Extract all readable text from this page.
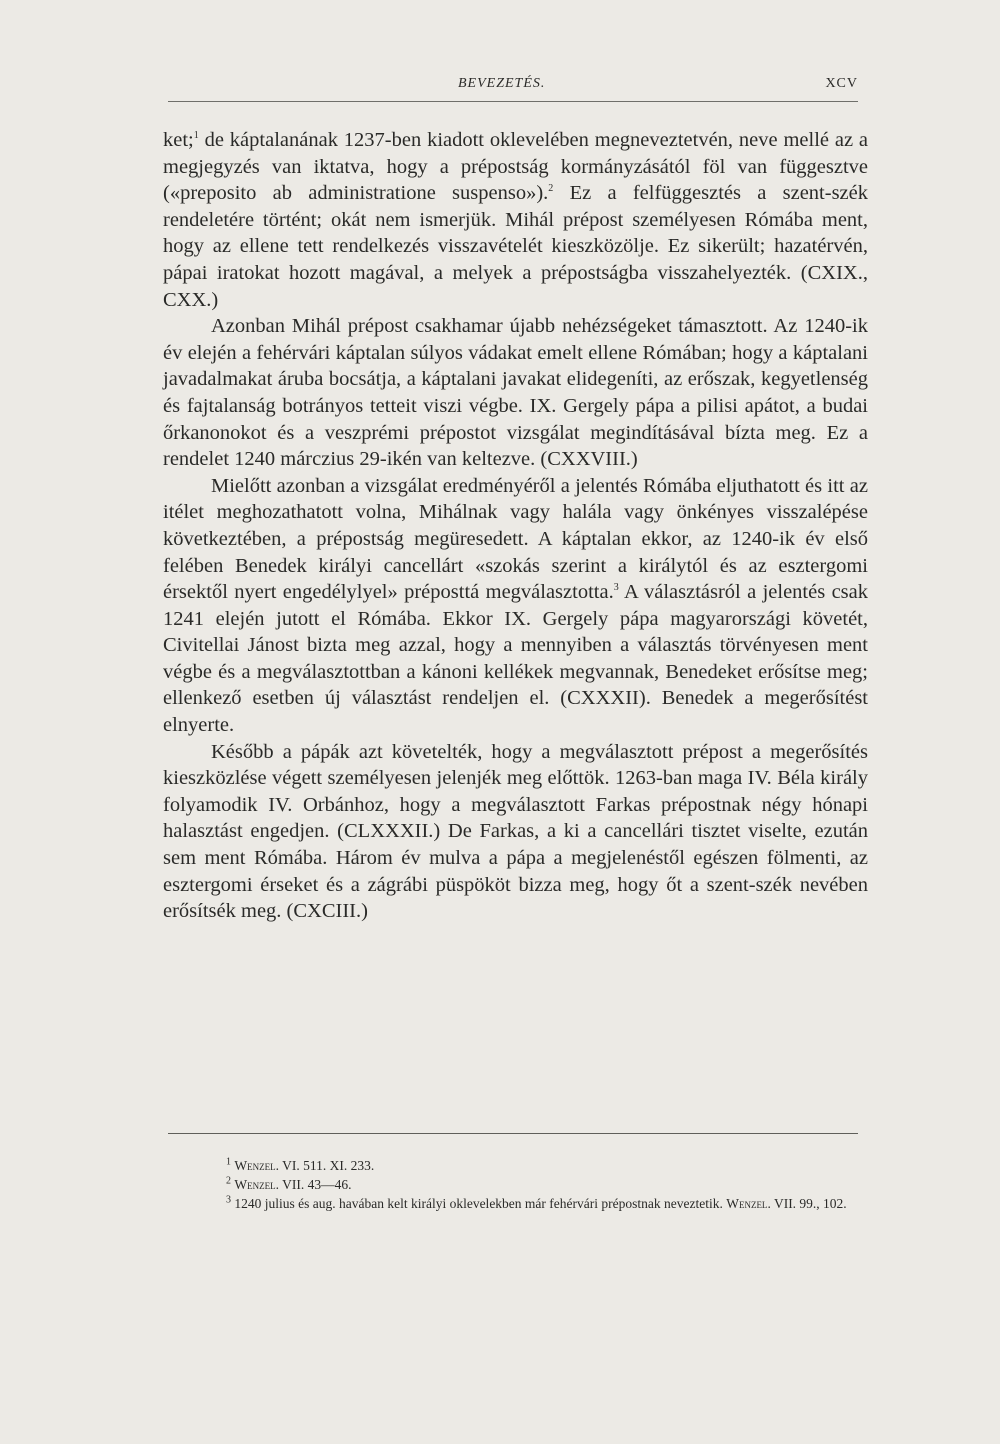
BEVEZETÉS.	XCV

ket;$^1$ de káptalanának 1237-ben kiadott oklevelében megneveztetvén, neve mellé az a megjegyzés van iktatva, hogy a prépostság kormányzásától föl van függesztve («preposito ab administratione suspenso»).$^2$ Ez a felfüggesztés a szent-szék rendeletére történt; okát nem ismerjük. Mihál prépost személyesen Rómába ment, hogy az ellene tett rendelkezés visszavételét kieszközölje. Ez sikerült; hazatérvén, pápai iratokat hozott magával, a melyek a prépostságba visszahelyezték. (CXIX., CXX.)

Azonban Mihál prépost csakhamar újabb nehézségeket támasztott. Az 1240-ik év elején a fehérvári káptalan súlyos vádakat emelt ellene Rómában; hogy a káptalani javadalmakat áruba bocsátja, a káptalani javakat elidegeníti, az erőszak, kegyetlenség és fajtalanság botrányos tetteit viszi végbe. IX. Gergely pápa a pilisi apátot, a budai őrkanonokot és a veszprémi prépostot vizsgálat megindításával bízta meg. Ez a rendelet 1240 márczius 29-ikén van keltezve. (CXXVIII.)

Mielőtt azonban a vizsgálat eredményéről a jelentés Rómába eljuthatott és itt az itélet meghozathatott volna, Mihálnak vagy halála vagy önkényes visszalépése következtében, a prépostság megüresedett. A káptalan ekkor, az 1240-ik év első felében Benedek királyi cancellárt «szokás szerint a királytól és az esztergomi érsektől nyert engedélylyel» préposttá megválasztotta.$^3$ A választásról a jelentés csak 1241 elején jutott el Rómába. Ekkor IX. Gergely pápa magyarországi követét, Civitellai Jánost bizta meg azzal, hogy a mennyiben a választás törvényesen ment végbe és a megválasztottban a kánoni kellékek megvannak, Benedeket erősítse meg; ellenkező esetben új választást rendeljen el. (CXXXII). Benedek a megerősítést elnyerte.

Később a pápák azt követelték, hogy a megválasztott prépost a megerősítés kieszközlése végett személyesen jelenjék meg előttök. 1263-ban maga IV. Béla király folyamodik IV. Orbánhoz, hogy a megválasztott Farkas prépostnak négy hónapi halasztást engedjen. (CLXXXII.) De Farkas, a ki a cancellári tisztet viselte, ezután sem ment Rómába. Három év mulva a pápa a megjelenéstől egészen fölmenti, az esztergomi érseket és a zágrábi püspököt bizza meg, hogy őt a szent-szék nevében erősítsék meg. (CXCIII.)

$^1$ Wenzel. VI. 511. XI. 233.

$^2$ Wenzel. VII. 43—46.

$^3$ 1240 julius és aug. havában kelt királyi oklevelekben már fehérvári prépostnak neveztetik. Wenzel. VII. 99., 102.
